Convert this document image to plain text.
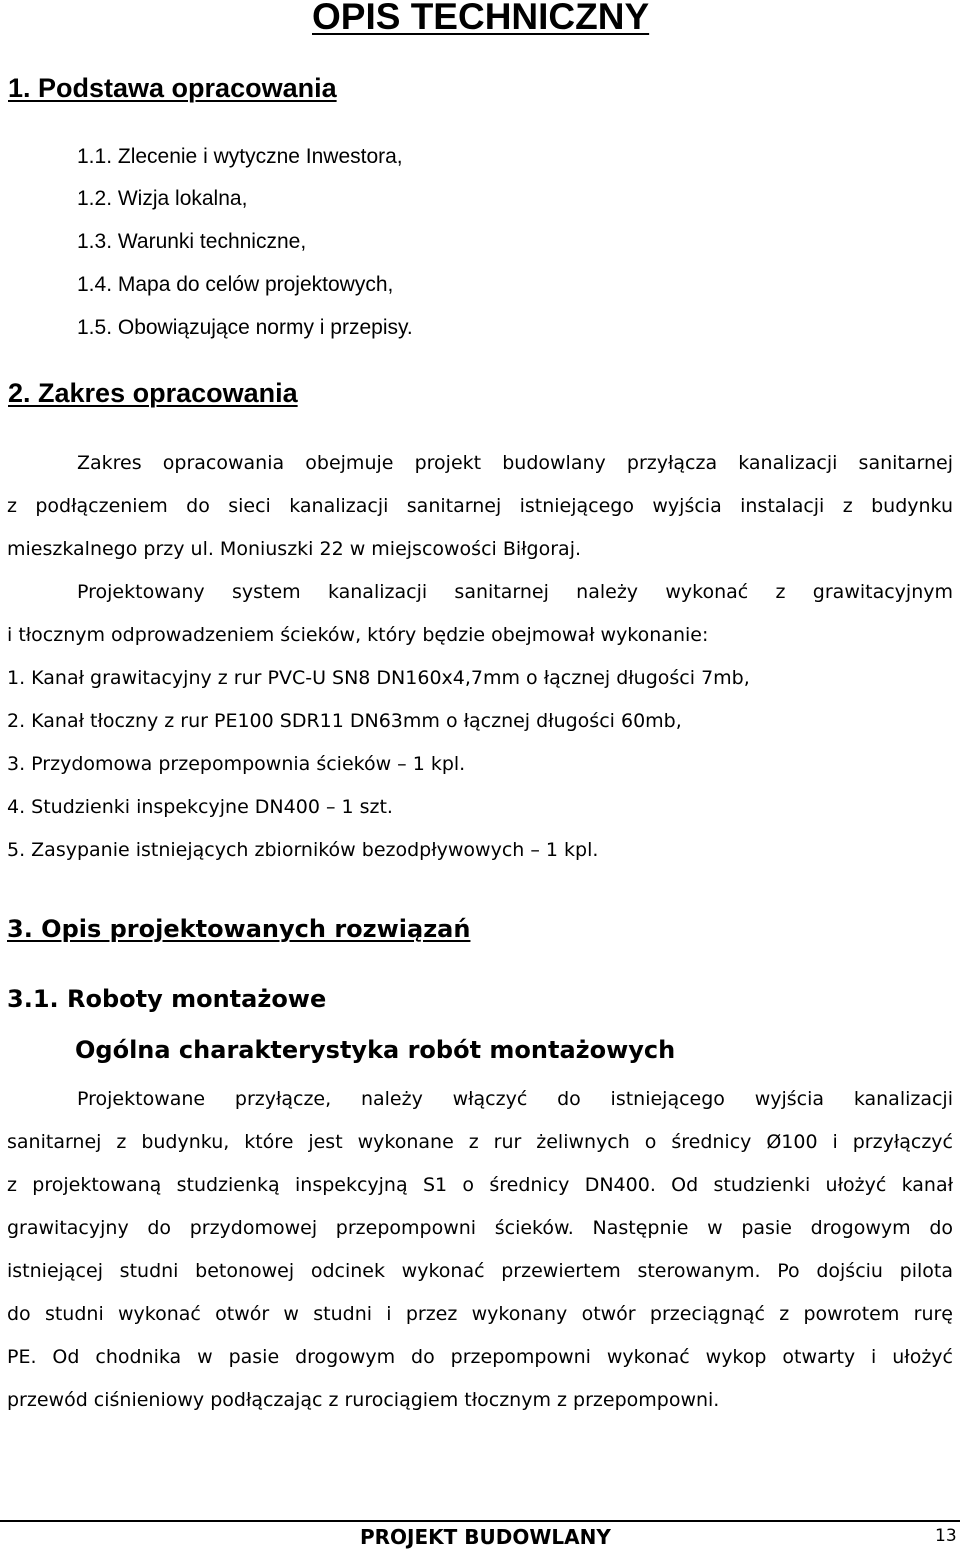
OPIS TECHNICZNY
1. Podstawa opracowania
1.1. Zlecenie i wytyczne Inwestora,
1.2. Wizja lokalna,
1.3. Warunki techniczne,
1.4. Mapa do celów projektowych,
1.5. Obowiązujące normy i przepisy.
2. Zakres opracowania
Zakres opracowania obejmuje projekt budowlany przyłącza kanalizacji sanitarnej
z podłączeniem do sieci kanalizacji sanitarnej istniejącego wyjścia instalacji z budynku
mieszkalnego przy ul. Moniuszki 22 w miejscowości Biłgoraj.
Projektowany system kanalizacji sanitarnej należy wykonać z grawitacyjnym
i tłocznym odprowadzeniem ścieków, który będzie obejmował wykonanie:
1. Kanał grawitacyjny z rur PVC-U SN8 DN160x4,7mm o łącznej długości 7mb,
2. Kanał tłoczny z rur PE100 SDR11 DN63mm o łącznej długości 60mb,
3. Przydomowa przepompownia ścieków – 1 kpl.
4. Studzienki inspekcyjne DN400 – 1 szt.
5. Zasypanie istniejących zbiorników bezodpływowych – 1 kpl.
3. Opis projektowanych rozwiązań
3.1. Roboty montażowe
Ogólna charakterystyka robót montażowych
Projektowane przyłącze, należy włączyć do istniejącego wyjścia kanalizacji
sanitarnej z budynku, które jest wykonane z rur żeliwnych o średnicy Ø100 i przyłączyć
z projektowaną studzienką inspekcyjną S1 o średnicy DN400. Od studzienki ułożyć kanał
grawitacyjny do przydomowej przepompowni ścieków. Następnie w pasie drogowym do
istniejącej studni betonowej odcinek wykonać przewiertem sterowanym. Po dojściu pilota
do studni wykonać otwór w studni i przez wykonany otwór przeciągnąć z powrotem rurę
PE. Od chodnika w pasie drogowym do przepompowni wykonać wykop otwarty i ułożyć
przewód ciśnieniowy podłączając z rurociągiem tłocznym z przepompowni.
PROJEKT BUDOWLANY	13
